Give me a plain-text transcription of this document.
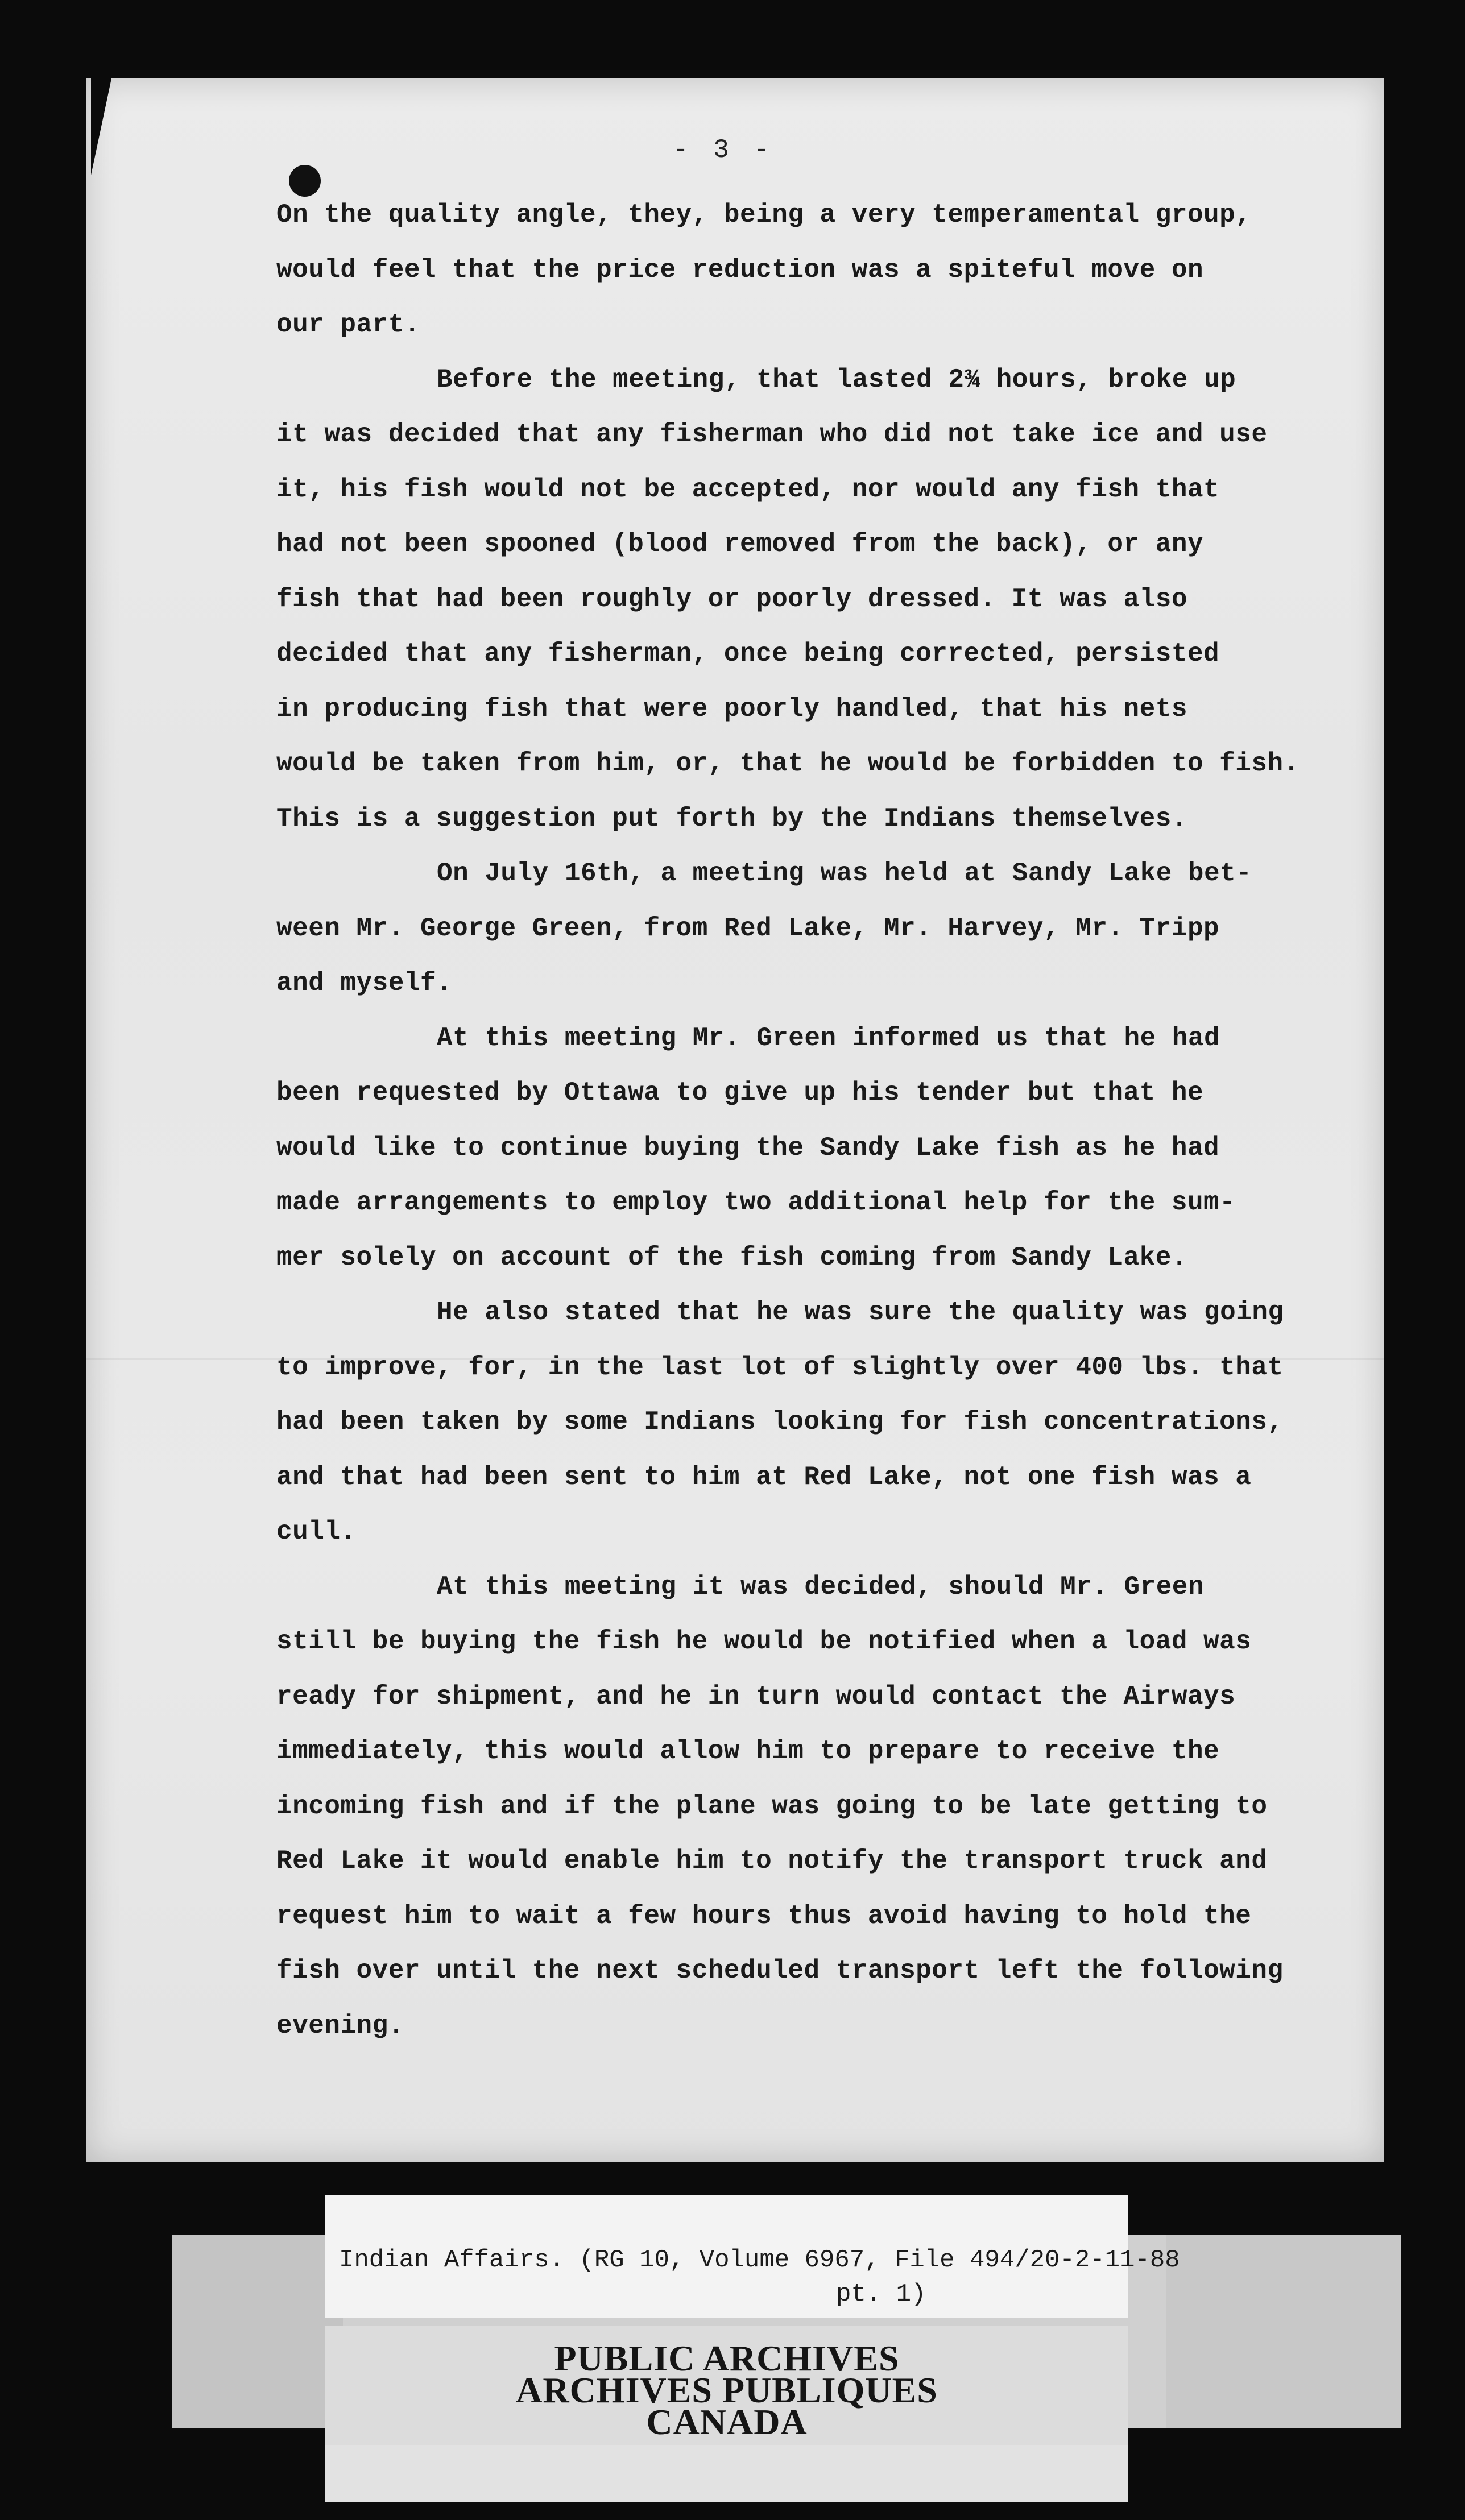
- 3 -
On the quality angle, they, being a very temperamental group,
would feel that the price reduction was a spiteful move on
our part.
Before the meeting, that lasted 2¾ hours, broke up
it was decided that any fisherman who did not take ice and use
it, his fish would not be accepted, nor would any fish that
had not been spooned (blood removed from the back), or any
fish that had been roughly or poorly dressed. It was also
decided that any fisherman, once being corrected, persisted
in producing fish that were poorly handled, that his nets
would be taken from him, or, that he would be forbidden to fish.
This is a suggestion put forth by the Indians themselves.
On July 16th, a meeting was held at Sandy Lake bet-
ween Mr. George Green, from Red Lake, Mr. Harvey, Mr. Tripp
and myself.
At this meeting Mr. Green informed us that he had
been requested by Ottawa to give up his tender but that he
would like to continue buying the Sandy Lake fish as he had
made arrangements to employ two additional help for the sum-
mer solely on account of the fish coming from Sandy Lake.
He also stated that he was sure the quality was going
to improve, for, in the last lot of slightly over 400 lbs. that
had been taken by some Indians looking for fish concentrations,
and that had been sent to him at Red Lake, not one fish was a
cull.
At this meeting it was decided, should Mr. Green
still be buying the fish he would be notified when a load was
ready for shipment, and he in turn would contact the Airways
immediately, this would allow him to prepare to receive the
incoming fish and if the plane was going to be late getting to
Red Lake it would enable him to notify the transport truck and
request him to wait a few hours thus avoid having to hold the
fish over until the next scheduled transport left the following
evening.
Indian Affairs. (RG 10, Volume 6967, File 494/20-2-11-88
pt. 1)
PUBLIC ARCHIVES
ARCHIVES PUBLIQUES
CANADA
